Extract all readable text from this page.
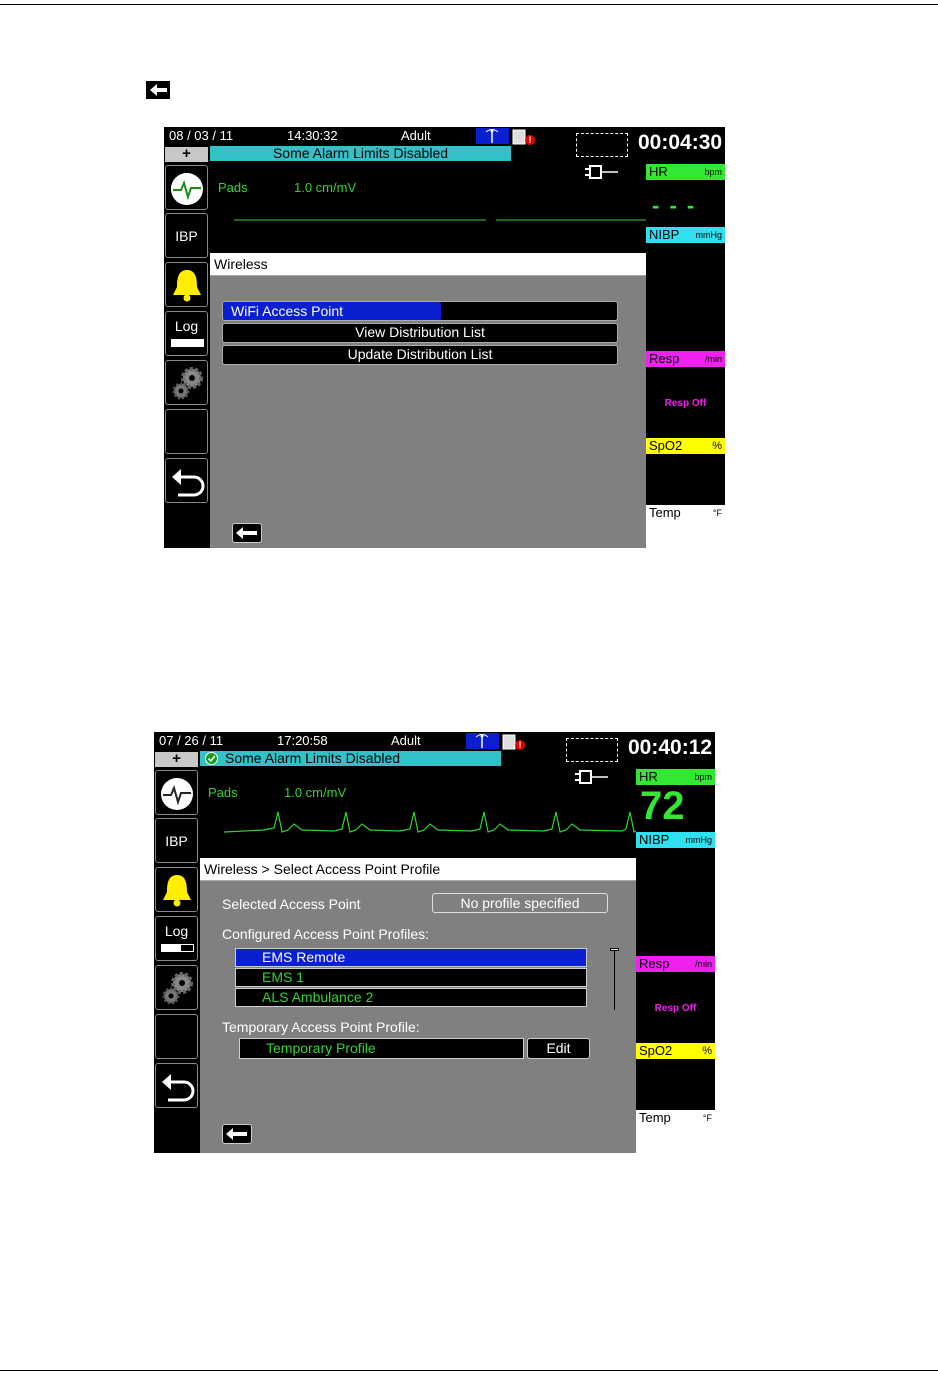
08 / 03 / 11	14:30:32	Adult	!	00:04:30
+	Some Alarm Limits Disabled
IBP
Log
Pads	1.0 cm/mV
HR	bpm
- - -
NIBP mmHg
Resp	/min
Resp Off
SpO2	%
Temp	°F
Wireless
WiFi Access Point
View Distribution List
Update Distribution List
07 / 26 / 11	17:20:58	Adult	!	00:40:12
+	Some Alarm Limits Disabled
IBP
Log
Pads	1.0 cm/mV
HR	bpm
72
NIBP mmHg
Resp	/min
Resp Off
SpO2	%
Temp	°F
Wireless > Select Access Point Profile
Selected Access Point	No profile specified
Configured Access Point Profiles:
EMS Remote
EMS 1
ALS Ambulance 2
Temporary Access Point Profile:
Temporary Profile	Edit
